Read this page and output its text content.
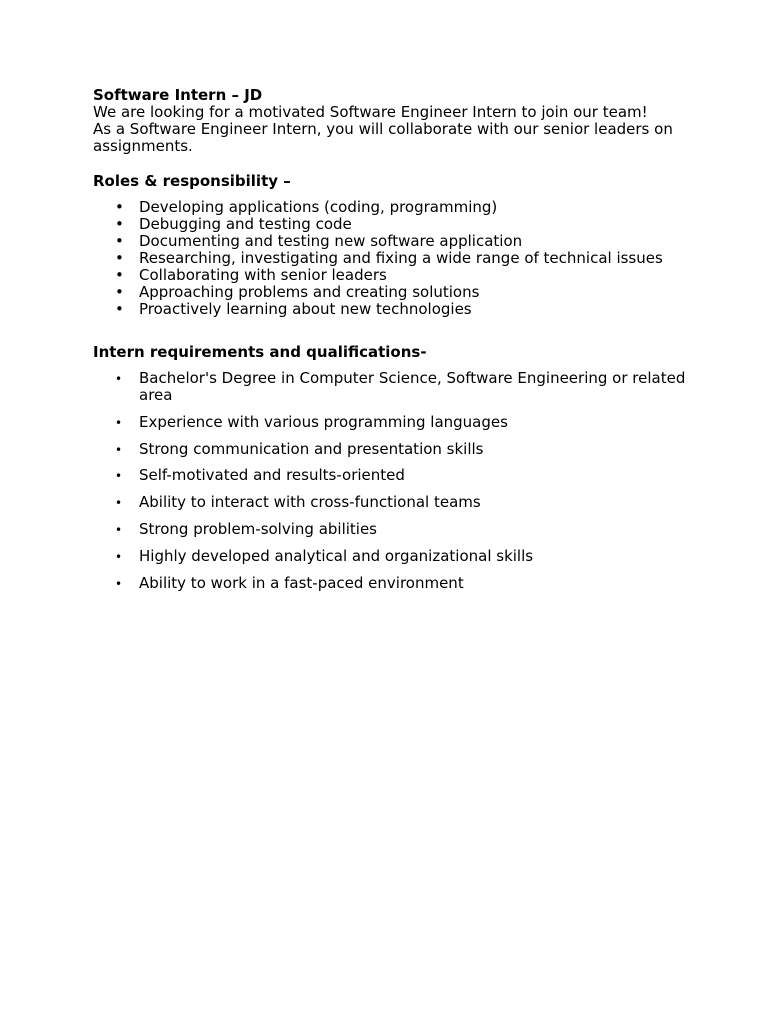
Software Intern – JD

We are looking for a motivated Software Engineer Intern to join our team!

As a Software Engineer Intern, you will collaborate with our senior leaders on assignments.

Roles & responsibility –

• Developing applications (coding, programming)
• Debugging and testing code
• Documenting and testing new software application
• Researching, investigating and fixing a wide range of technical issues
• Collaborating with senior leaders
• Approaching problems and creating solutions
• Proactively learning about new technologies

Intern requirements and qualifications-

• Bachelor's Degree in Computer Science, Software Engineering or related area
• Experience with various programming languages
• Strong communication and presentation skills
• Self-motivated and results-oriented
• Ability to interact with cross-functional teams
• Strong problem-solving abilities
• Highly developed analytical and organizational skills
• Ability to work in a fast-paced environment
